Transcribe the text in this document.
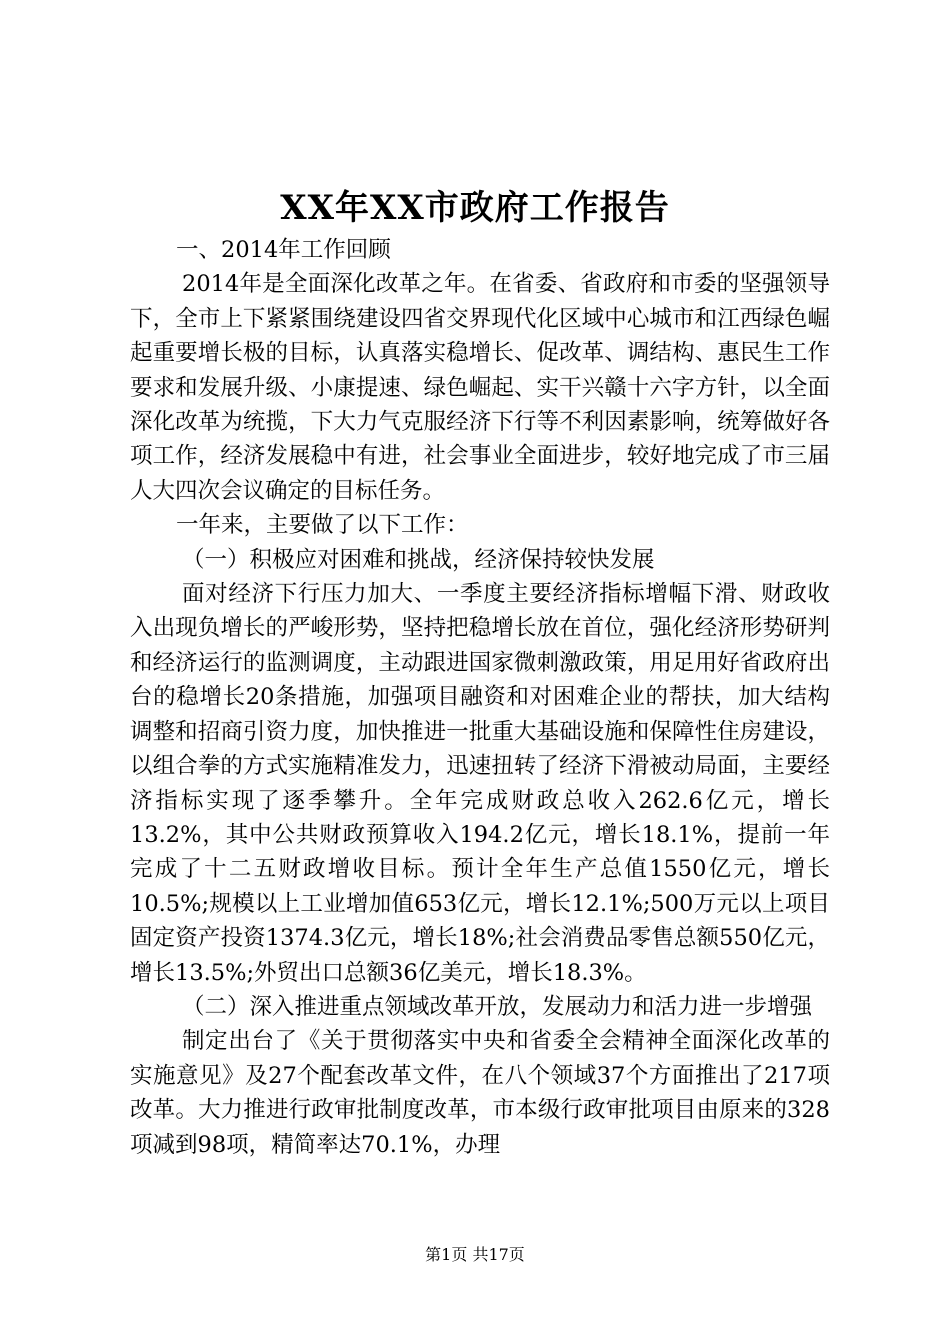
XX年XX市政府工作报告

一、2014年工作回顾

2014年是全面深化改革之年。在省委、省政府和市委的坚强领导下，全市上下紧紧围绕建设四省交界现代化区域中心城市和江西绿色崛起重要增长极的目标，认真落实稳增长、促改革、调结构、惠民生工作要求和发展升级、小康提速、绿色崛起、实干兴赣十六字方针，以全面深化改革为统揽，下大力气克服经济下行等不利因素影响，统筹做好各项工作，经济发展稳中有进，社会事业全面进步，较好地完成了市三届人大四次会议确定的目标任务。

一年来，主要做了以下工作：

（一）积极应对困难和挑战，经济保持较快发展

面对经济下行压力加大、一季度主要经济指标增幅下滑、财政收入出现负增长的严峻形势，坚持把稳增长放在首位，强化经济形势研判和经济运行的监测调度，主动跟进国家微刺激政策，用足用好省政府出台的稳增长20条措施，加强项目融资和对困难企业的帮扶，加大结构调整和招商引资力度，加快推进一批重大基础设施和保障性住房建设，以组合拳的方式实施精准发力，迅速扭转了经济下滑被动局面，主要经济指标实现了逐季攀升。全年完成财政总收入262.6亿元，增长13.2%，其中公共财政预算收入194.2亿元，增长18.1%，提前一年完成了十二五财政增收目标。预计全年生产总值1550亿元，增长10.5%;规模以上工业增加值653亿元，增长12.1%;500万元以上项目固定资产投资1374.3亿元，增长18%;社会消费品零售总额550亿元，增长13.5%;外贸出口总额36亿美元，增长18.3%。

（二）深入推进重点领域改革开放，发展动力和活力进一步增强

制定出台了《关于贯彻落实中央和省委全会精神全面深化改革的实施意见》及27个配套改革文件，在八个领域37个方面推出了217项改革。大力推进行政审批制度改革，市本级行政审批项目由原来的328项减到98项，精简率达70.1%，办理

第1页 共17页
